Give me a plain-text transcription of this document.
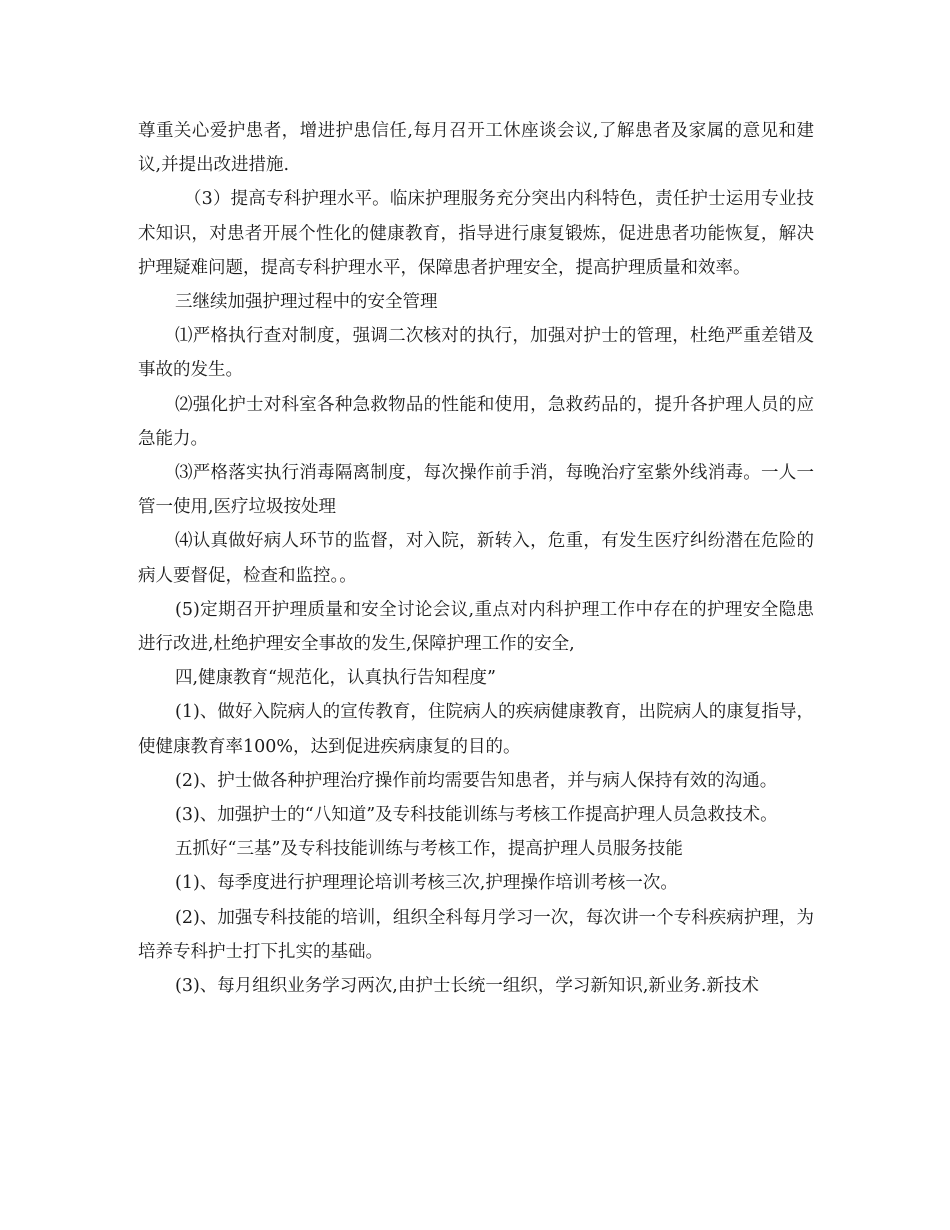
尊重关心爱护患者，增进护患信任,每月召开工休座谈会议,了解患者及家属的意见和建议,并提出改进措施.

（3）提高专科护理水平。临床护理服务充分突出内科特色，责任护士运用专业技术知识，对患者开展个性化的健康教育，指导进行康复锻炼，促进患者功能恢复，解决护理疑难问题，提高专科护理水平，保障患者护理安全，提高护理质量和效率。

三继续加强护理过程中的安全管理

⑴严格执行查对制度，强调二次核对的执行，加强对护士的管理，杜绝严重差错及事故的发生。

⑵强化护士对科室各种急救物品的性能和使用，急救药品的，提升各护理人员的应急能力。

⑶严格落实执行消毒隔离制度，每次操作前手消，每晚治疗室紫外线消毒。一人一管一使用,医疗垃圾按处理

⑷认真做好病人环节的监督，对入院，新转入，危重，有发生医疗纠纷潜在危险的病人要督促，检查和监控。。

(5)定期召开护理质量和安全讨论会议,重点对内科护理工作中存在的护理安全隐患进行改进,杜绝护理安全事故的发生,保障护理工作的安全,

四,健康教育“规范化，认真执行告知程度”

(1)、做好入院病人的宣传教育，住院病人的疾病健康教育，出院病人的康复指导，使健康教育率100%，达到促进疾病康复的目的。

(2)、护士做各种护理治疗操作前均需要告知患者，并与病人保持有效的沟通。

(3)、加强护士的“八知道”及专科技能训练与考核工作提高护理人员急救技术。

五抓好“三基”及专科技能训练与考核工作，提高护理人员服务技能

(1)、每季度进行护理理论培训考核三次,护理操作培训考核一次。

(2)、加强专科技能的培训，组织全科每月学习一次，每次讲一个专科疾病护理，为培养专科护士打下扎实的基础。

(3)、每月组织业务学习两次,由护士长统一组织，学习新知识,新业务.新技术
